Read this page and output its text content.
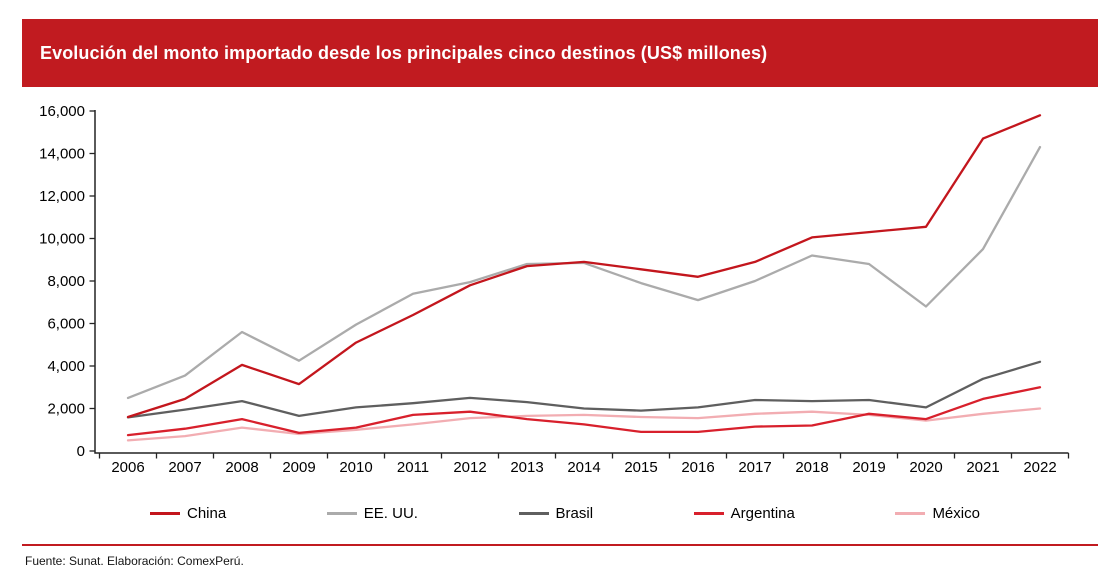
Evolución del monto importado desde los principales cinco destinos (US$ millones)
0
2,000
4,000
6,000
8,000
10,000
12,000
14,000
16,000
2006 2007 2008 2009 2010 2011 2012 2013 2014 2015 2016 2017 2018 2019 2020 2021 2022
China	EE. UU.	Brasil	Argentina	México
Fuente: Sunat. Elaboración: ComexPerú.
